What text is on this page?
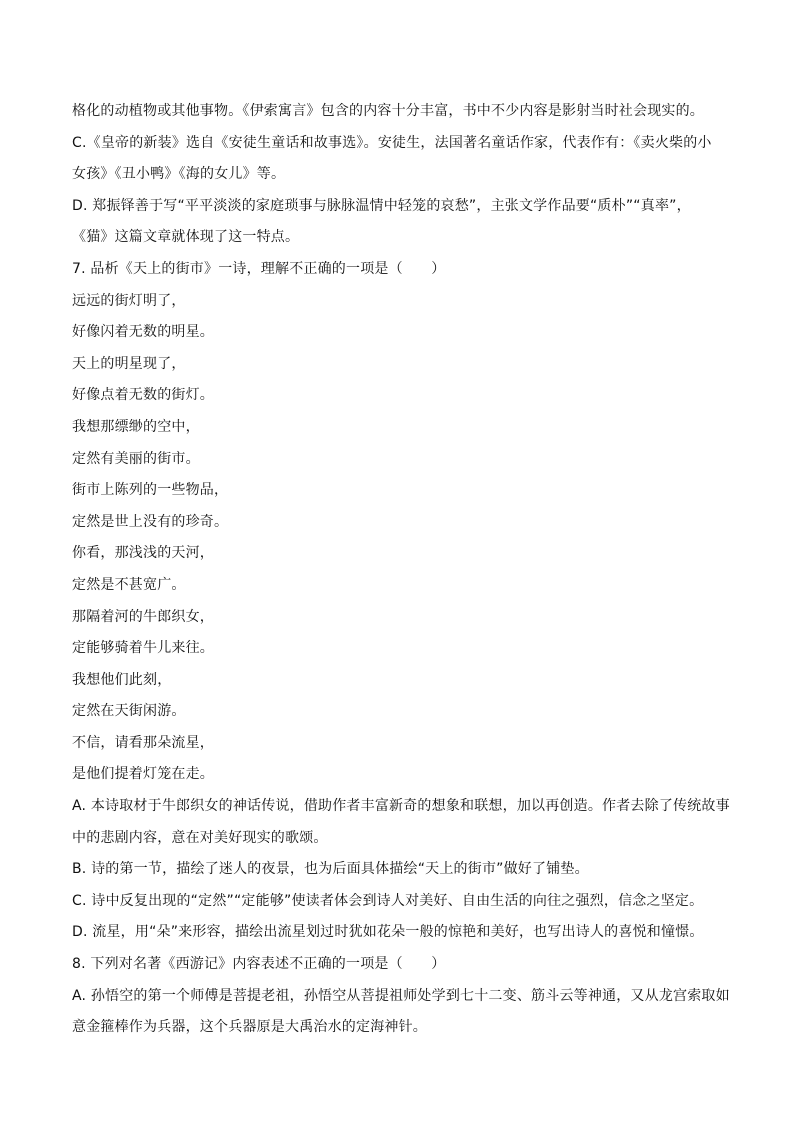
格化的动植物或其他事物。《伊索寓言》包含的内容十分丰富，书中不少内容是影射当时社会现实的。
C.《皇帝的新装》选自《安徒生童话和故事选》。安徒生，法国著名童话作家，代表作有：《卖火柴的小
女孩》《丑小鸭》《海的女儿》等。
D. 郑振铎善于写“平平淡淡的家庭琐事与脉脉温情中轻笼的哀愁”，主张文学作品要“质朴”“真率”，
《猫》这篇文章就体现了这一特点。
7. 品析《天上的街市》一诗，理解不正确的一项是（　　）
远远的街灯明了，
好像闪着无数的明星。
天上的明星现了，
好像点着无数的街灯。
我想那缥缈的空中，
定然有美丽的街市。
街市上陈列的一些物品，
定然是世上没有的珍奇。
你看，那浅浅的天河，
定然是不甚宽广。
那隔着河的牛郎织女，
定能够骑着牛儿来往。
我想他们此刻，
定然在天街闲游。
不信，请看那朵流星，
是他们提着灯笼在走。
A. 本诗取材于牛郎织女的神话传说，借助作者丰富新奇的想象和联想，加以再创造。作者去除了传统故事
中的悲剧内容，意在对美好现实的歌颂。
B. 诗的第一节，描绘了迷人的夜景，也为后面具体描绘“天上的街市”做好了铺垫。
C. 诗中反复出现的“定然”“定能够”使读者体会到诗人对美好、自由生活的向往之强烈，信念之坚定。
D. 流星，用“朵”来形容，描绘出流星划过时犹如花朵一般的惊艳和美好，也写出诗人的喜悦和憧憬。
8. 下列对名著《西游记》内容表述不正确的一项是（　　）
A. 孙悟空的第一个师傅是菩提老祖，孙悟空从菩提祖师处学到七十二变、筋斗云等神通，又从龙宫索取如
意金箍棒作为兵器，这个兵器原是大禹治水的定海神针。
